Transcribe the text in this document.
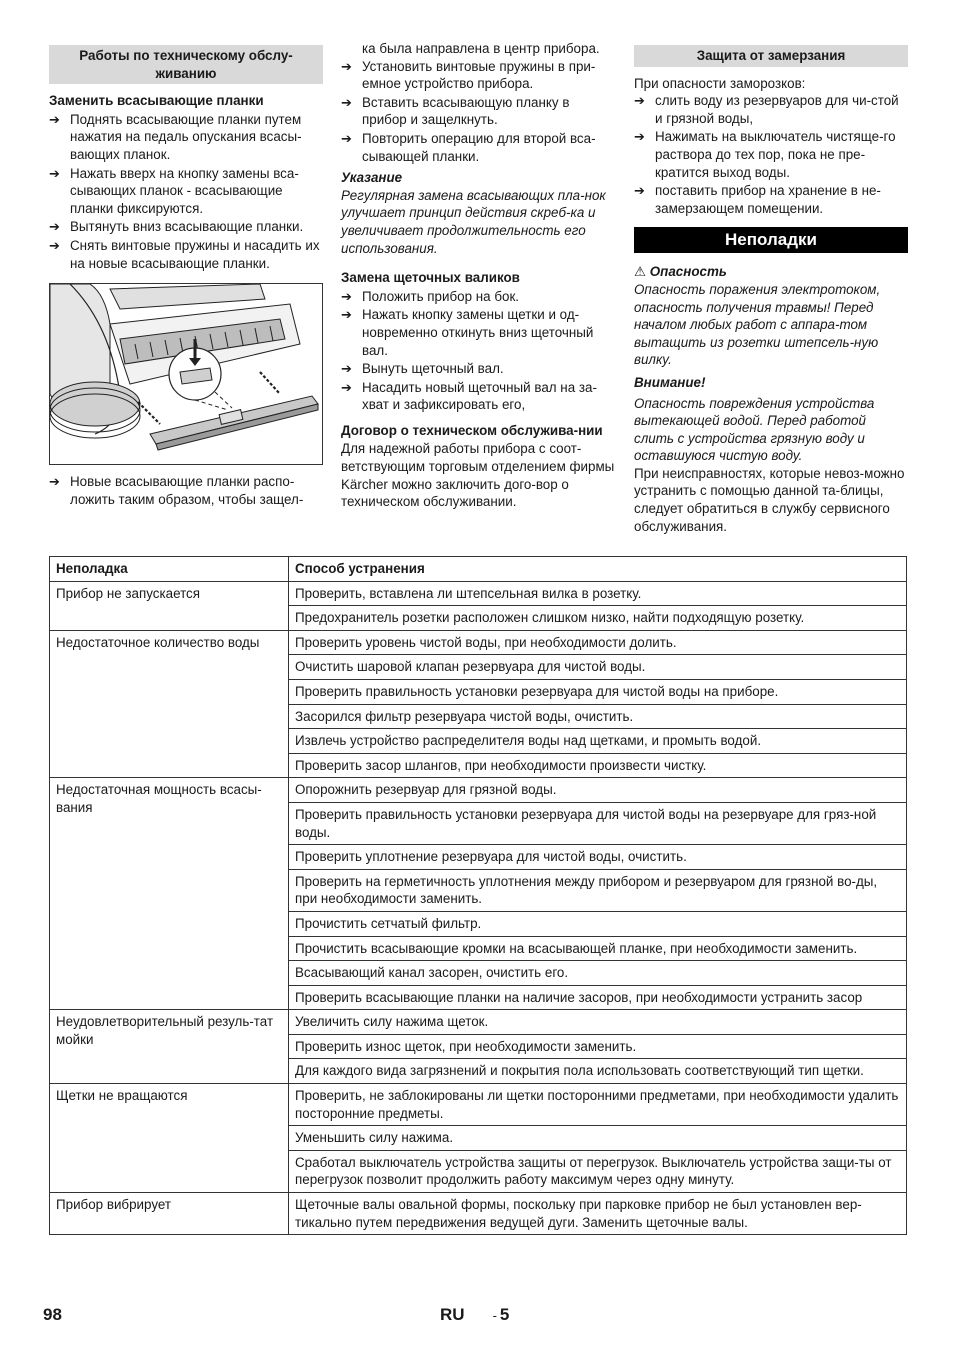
Работы по техническому обслу-живанию
Заменить всасывающие планки
➔ Поднять всасывающие планки путем нажатия на педаль опускания всасы-вающих планок.
➔ Нажать вверх на кнопку замены вса-сывающих планок - всасывающие планки фиксируются.
➔ Вытянуть вниз всасывающие планки.
➔ Снять винтовые пружины и насадить их на новые всасывающие планки.
➔ Новые всасывающие планки распо-ложить таким образом, чтобы защел-

ка была направлена в центр прибора.

➔ Установить винтовые пружины в при-емное устройство прибора.
➔ Вставить всасывающую планку в прибор и защелкнуть.
➔ Повторить операцию для второй вса-сывающей планки.
Указание

Регулярная замена всасывающих пла-нок улучшает принцип действия скреб-ка и увеличивает продолжительность его использования.

Замена щеточных валиков
➔ Положить прибор на бок.
➔ Нажать кнопку замены щетки и од-новременно откинуть вниз щеточный вал.
➔ Вынуть щеточный вал.
➔ Насадить новый щеточный вал на за-хват и зафиксировать его,
Договор о техническом обслужива-нии

Для надежной работы прибора с соот-ветствующим торговым отделением фирмы Kärcher можно заключить дого-вор о техническом обслуживании.

Защита от замерзания

При опасности заморозков:

➔ слить воду из резервуаров для чи-стой и грязной воды,
➔ Нажимать на выключатель чистяще-го раствора до тех пор, пока не пре-кратится выход воды.
➔ поставить прибор на хранение в не-замерзающем помещении.
Неполадки
⚠ Опасность

Опасность поражения электротоком, опасность получения травмы! Перед началом любых работ с аппара-том вытащить из розетки штепсель-ную вилку.

Внимание!

Опасность повреждения устройства вытекающей водой. Перед работой слить с устройства грязную воду и оставшуюся чистую воду.

При неисправностях, которые невоз-можно устранить с помощью данной та-блицы, следует обратиться в службу сервисного обслуживания.

Неполадка	Способ устранения
Прибор не запускается	Проверить, вставлена ли штепсельная вилка в розетку.
	Предохранитель розетки расположен слишком низко, найти подходящую розетку.
Недостаточное количество воды	Проверить уровень чистой воды, при необходимости долить.
	Очистить шаровой клапан резервуара для чистой воды.
	Проверить правильность установки резервуара для чистой воды на приборе.
	Засорился фильтр резервуара чистой воды, очистить.
	Извлечь устройство распределителя воды над щетками, и промыть водой.
	Проверить засор шлангов, при необходимости произвести чистку.
Недостаточная мощность всасы-вания	Опорожнить резервуар для грязной воды.
	Проверить правильность установки резервуара для чистой воды на резервуаре для гряз-ной воды.
	Проверить уплотнение резервуара для чистой воды, очистить.
	Проверить на герметичность уплотнения между прибором и резервуаром для грязной во-ды, при необходимости заменить.
	Прочистить сетчатый фильтр.
	Прочистить всасывающие кромки на всасывающей планке, при необходимости заменить.
	Всасывающий канал засорен, очистить его.
	Проверить всасывающие планки на наличие засоров, при необходимости устранить засор
Неудовлетворительный резуль-тат мойки	Увеличить силу нажима щеток.
	Проверить износ щеток, при необходимости заменить.
	Для каждого вида загрязнений и покрытия пола использовать соответствующий тип щетки.
Щетки не вращаются	Проверить, не заблокированы ли щетки посторонними предметами, при необходимости удалить посторонние предметы.
	Уменьшить силу нажима.
	Сработал выключатель устройства защиты от перегрузок. Выключатель устройства защи-ты от перегрузок позволит продолжить работу максимум через одну минуту.
Прибор вибрирует	Щеточные валы овальной формы, поскольку при парковке прибор не был установлен вер-тикально путем передвижения ведущей дуги. Заменить щеточные валы.
98	RU - 5
